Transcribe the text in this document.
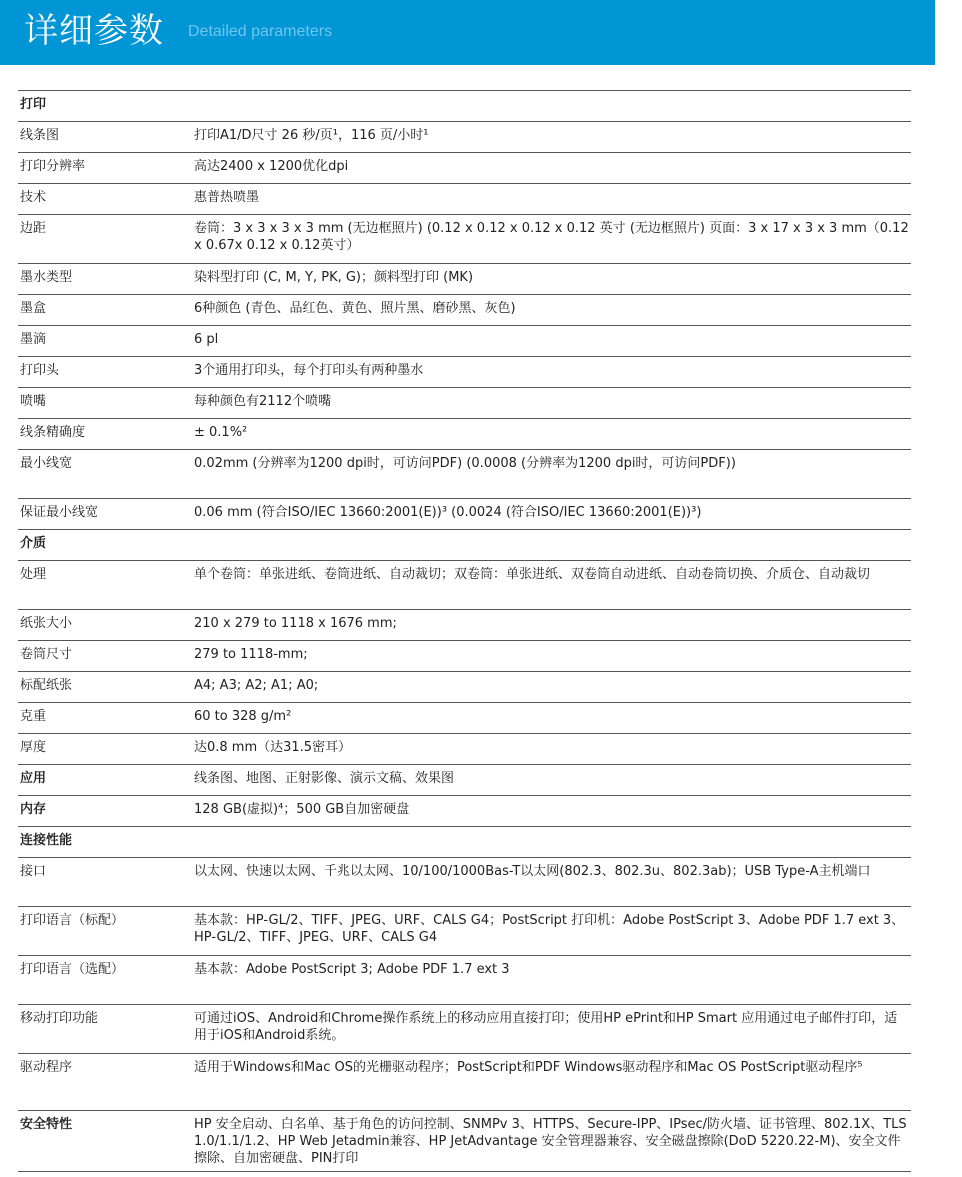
详细参数 Detailed parameters
打印	
线条图	打印A1/D尺寸 26 秒/页¹，116 页/小时¹
打印分辨率	高达2400 x 1200优化dpi
技术	惠普热喷墨
边距	卷筒：3 x 3 x 3 x 3 mm (无边框照片) (0.12 x 0.12 x 0.12 x 0.12 英寸 (无边框照片) 页面：3 x 17 x 3 x 3 mm（0.12 x 0.67x 0.12 x 0.12英寸）
墨水类型	染料型打印 (C, M, Y, PK, G)；颜料型打印 (MK)
墨盒	6种颜色 (青色、品红色、黄色、照片黑、磨砂黑、灰色)
墨滴	6 pl
打印头	3个通用打印头，每个打印头有两种墨水
喷嘴	每种颜色有2112个喷嘴
线条精确度	± 0.1%²
最小线宽	0.02mm (分辨率为1200 dpi时，可访问PDF) (0.0008 (分辨率为1200 dpi时，可访问PDF))
保证最小线宽	0.06 mm (符合ISO/IEC 13660:2001(E))³ (0.0024 (符合ISO/IEC 13660:2001(E))³)
介质	
处理	单个卷筒：单张进纸、卷筒进纸、自动裁切；双卷筒：单张进纸、双卷筒自动进纸、自动卷筒切换、介质仓、自动裁切
纸张大小	210 x 279 to 1118 x 1676 mm;
卷筒尺寸	279 to 1118-mm;
标配纸张	A4; A3; A2; A1; A0;
克重	60 to 328 g/m²
厚度	达0.8 mm（达31.5密耳）
应用	线条图、地图、正射影像、演示文稿、效果图
内存	128 GB(虚拟)⁴；500 GB自加密硬盘
连接性能	
接口	以太网、快速以太网、千兆以太网、10/100/1000Bas-T以太网(802.3、802.3u、802.3ab)；USB Type-A主机端口
打印语言（标配）	基本款：HP-GL/2、TIFF、JPEG、URF、CALS G4；PostScript 打印机：Adobe PostScript 3、Adobe PDF 1.7 ext 3、HP-GL/2、TIFF、JPEG、URF、CALS G4
打印语言（选配）	基本款：Adobe PostScript 3; Adobe PDF 1.7 ext 3
移动打印功能	可通过iOS、Android和Chrome操作系统上的移动应用直接打印；使用HP ePrint和HP Smart 应用通过电子邮件打印，适用于iOS和Android系统。
驱动程序	适用于Windows和Mac OS的光栅驱动程序；PostScript和PDF Windows驱动程序和Mac OS PostScript驱动程序⁵
安全特性	HP 安全启动、白名单、基于角色的访问控制、SNMPv 3、HTTPS、Secure-IPP、IPsec/防火墙、证书管理、802.1X、TLS 1.0/1.1/1.2、HP Web Jetadmin兼容、HP JetAdvantage 安全管理器兼容、安全磁盘擦除(DoD 5220.22-M)、安全文件擦除、自加密硬盘、PIN打印
